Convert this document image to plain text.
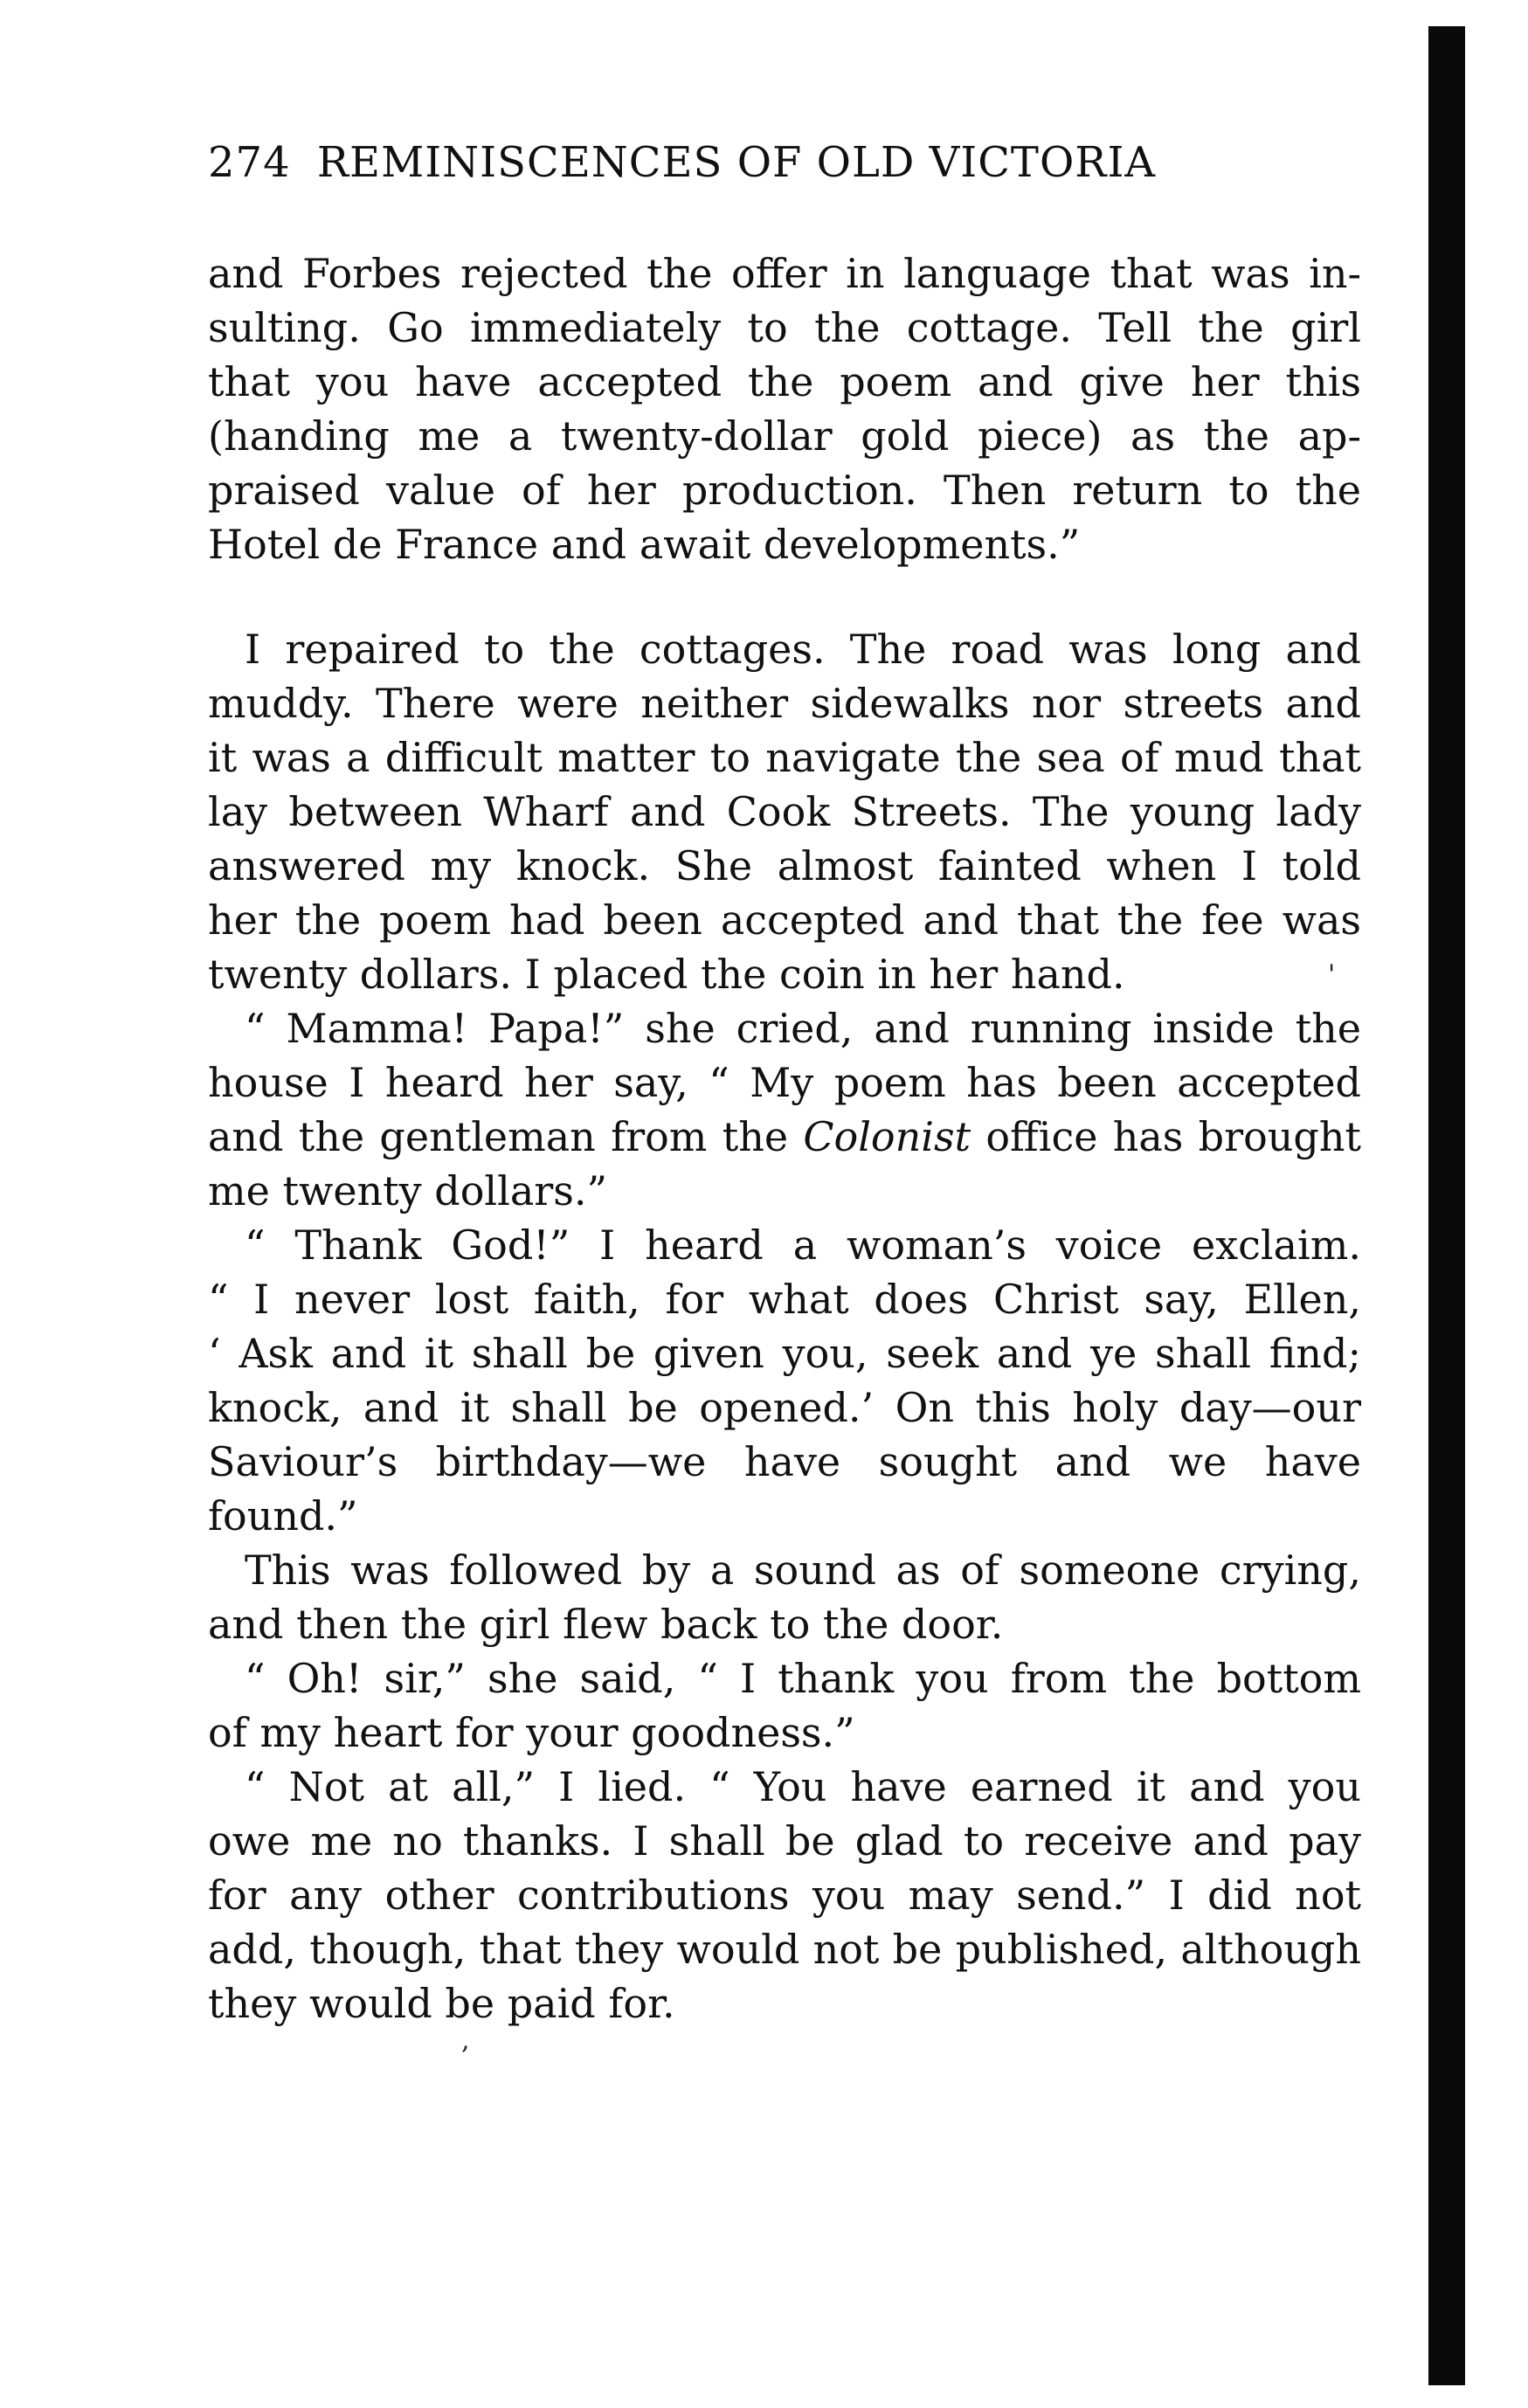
274 REMINISCENCES OF OLD VICTORIA
and Forbes rejected the offer in language that was in-
sulting. Go immediately to the cottage. Tell the girl
that you have accepted the poem and give her this
(handing me a twenty-dollar gold piece) as the ap-
praised value of her production. Then return to the
Hotel de France and await developments.”
I repaired to the cottages. The road was long and
muddy. There were neither sidewalks nor streets and
it was a difficult matter to navigate the sea of mud that
lay between Wharf and Cook Streets. The young lady
answered my knock. She almost fainted when I told
her the poem had been accepted and that the fee was
twenty dollars. I placed the coin in her hand.
“ Mamma! Papa!” she cried, and running inside the
house I heard her say, “ My poem has been accepted
and the gentleman from the Colonist office has brought
me twenty dollars.”
“ Thank God!” I heard a woman’s voice exclaim.
“ I never lost faith, for what does Christ say, Ellen,
‘ Ask and it shall be given you, seek and ye shall find;
knock, and it shall be opened.’ On this holy day—our
Saviour’s birthday—we have sought and we have
found.”
This was followed by a sound as of someone crying,
and then the girl flew back to the door.
“ Oh! sir,” she said, “ I thank you from the bottom
of my heart for your goodness.”
“ Not at all,” I lied. “ You have earned it and you
owe me no thanks. I shall be glad to receive and pay
for any other contributions you may send.” I did not
add, though, that they would not be published, although
they would be paid for.
'
,
